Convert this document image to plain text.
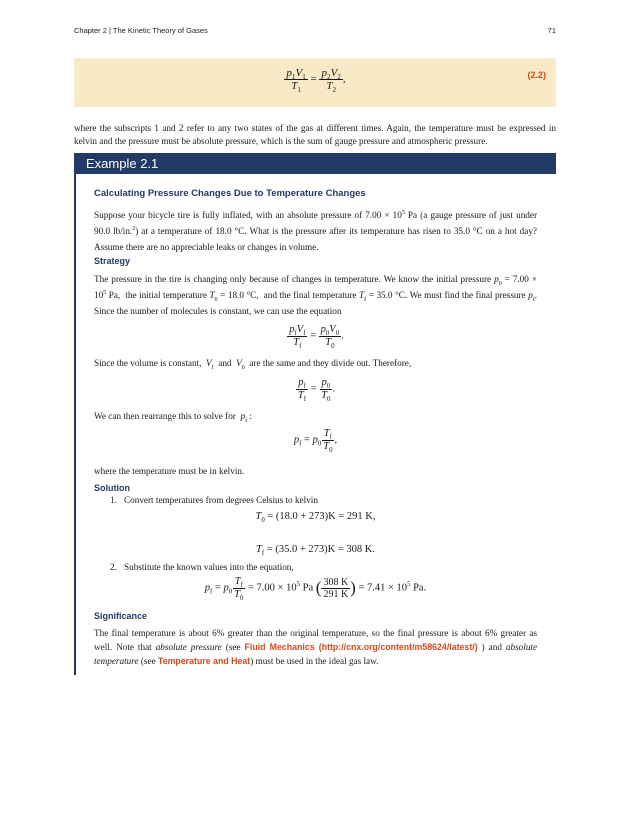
Chapter 2 | The Kinetic Theory of Gases	71
$\frac{p_1V_1}{T_1} = \frac{p_2V_2}{T_2}$ ,	(2.2)
where the subscripts 1 and 2 refer to any two states of the gas at different times. Again, the temperature must be expressed in kelvin and the pressure must be absolute pressure, which is the sum of gauge pressure and atmospheric pressure.
Example 2.1
Calculating Pressure Changes Due to Temperature Changes
Suppose your bicycle tire is fully inflated, with an absolute pressure of $7.00 \times 10^5$ Pa (a gauge pressure of just under 90.0 lb/in.$^2$) at a temperature of 18.0 °C. What is the pressure after its temperature has risen to 35.0 °C on a hot day? Assume there are no appreciable leaks or changes in volume.
Strategy
The pressure in the tire is changing only because of changes in temperature. We know the initial pressure $p_0 = 7.00 \times 10^5$ Pa, the initial temperature $T_0 = 18.0$ °C, and the final temperature $T_f = 35.0$ °C. We must find the final pressure $p_f$. Since the number of molecules is constant, we can use the equation
$\frac{p_fV_f}{T_f} = \frac{p_0V_0}{T_0}$ .
Since the volume is constant, $V_f$ and $V_0$ are the same and they divide out. Therefore,
$\frac{p_f}{T_f} = \frac{p_0}{T_0}$ .
We can then rearrange this to solve for $p_f$ :
$p_f = p_0 \frac{T_f}{T_0}$ ,
where the temperature must be in kelvin.
Solution
1. Convert temperatures from degrees Celsius to kelvin
$T_0 = (18.0 + 273)K = 291$ K,
$T_f = (35.0 + 273)K = 308$ K.
2. Substitute the known values into the equation,
$p_f = p_0 \frac{T_f}{T_0} = 7.00 \times 10^5$ Pa ( $\frac{308 K}{291 K}$ ) = $7.41 \times 10^5$ Pa.
Significance
The final temperature is about 6% greater than the original temperature, so the final pressure is about 6% greater as well. Note that absolute pressure (see Fluid Mechanics (http://cnx.org/content/m58624/latest/) ) and absolute temperature (see Temperature and Heat) must be used in the ideal gas law.
